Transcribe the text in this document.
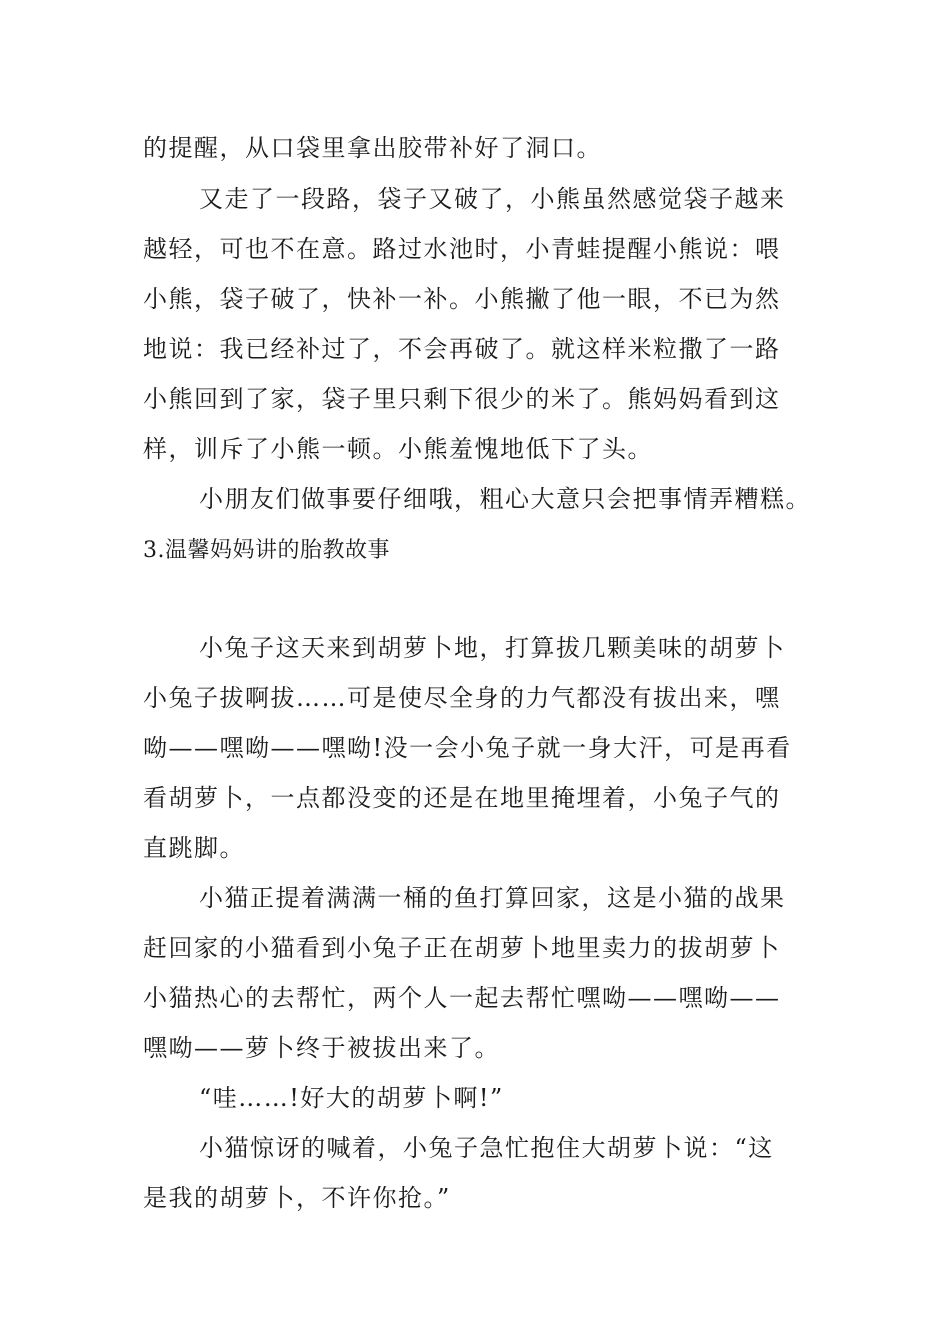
的提醒，从口袋里拿出胶带补好了洞口。
又走了一段路，袋子又破了，小熊虽然感觉袋子越来
越轻，可也不在意。路过水池时，小青蛙提醒小熊说：喂
小熊，袋子破了，快补一补。小熊撇了他一眼，不已为然
地说：我已经补过了，不会再破了。就这样米粒撒了一路
小熊回到了家，袋子里只剩下很少的米了。熊妈妈看到这
样，训斥了小熊一顿。小熊羞愧地低下了头。
小朋友们做事要仔细哦，粗心大意只会把事情弄糟糕。
3.温馨妈妈讲的胎教故事
小兔子这天来到胡萝卜地，打算拔几颗美味的胡萝卜
小兔子拔啊拔……可是使尽全身的力气都没有拔出来，嘿
呦——嘿呦——嘿呦!没一会小兔子就一身大汗，可是再看
看胡萝卜，一点都没变的还是在地里掩埋着，小兔子气的
直跳脚。
小猫正提着满满一桶的鱼打算回家，这是小猫的战果
赶回家的小猫看到小兔子正在胡萝卜地里卖力的拔胡萝卜
小猫热心的去帮忙，两个人一起去帮忙嘿呦——嘿呦——
嘿呦——萝卜终于被拔出来了。
“哇……!好大的胡萝卜啊!”
小猫惊讶的喊着，小兔子急忙抱住大胡萝卜说：“这
是我的胡萝卜，不许你抢。”
